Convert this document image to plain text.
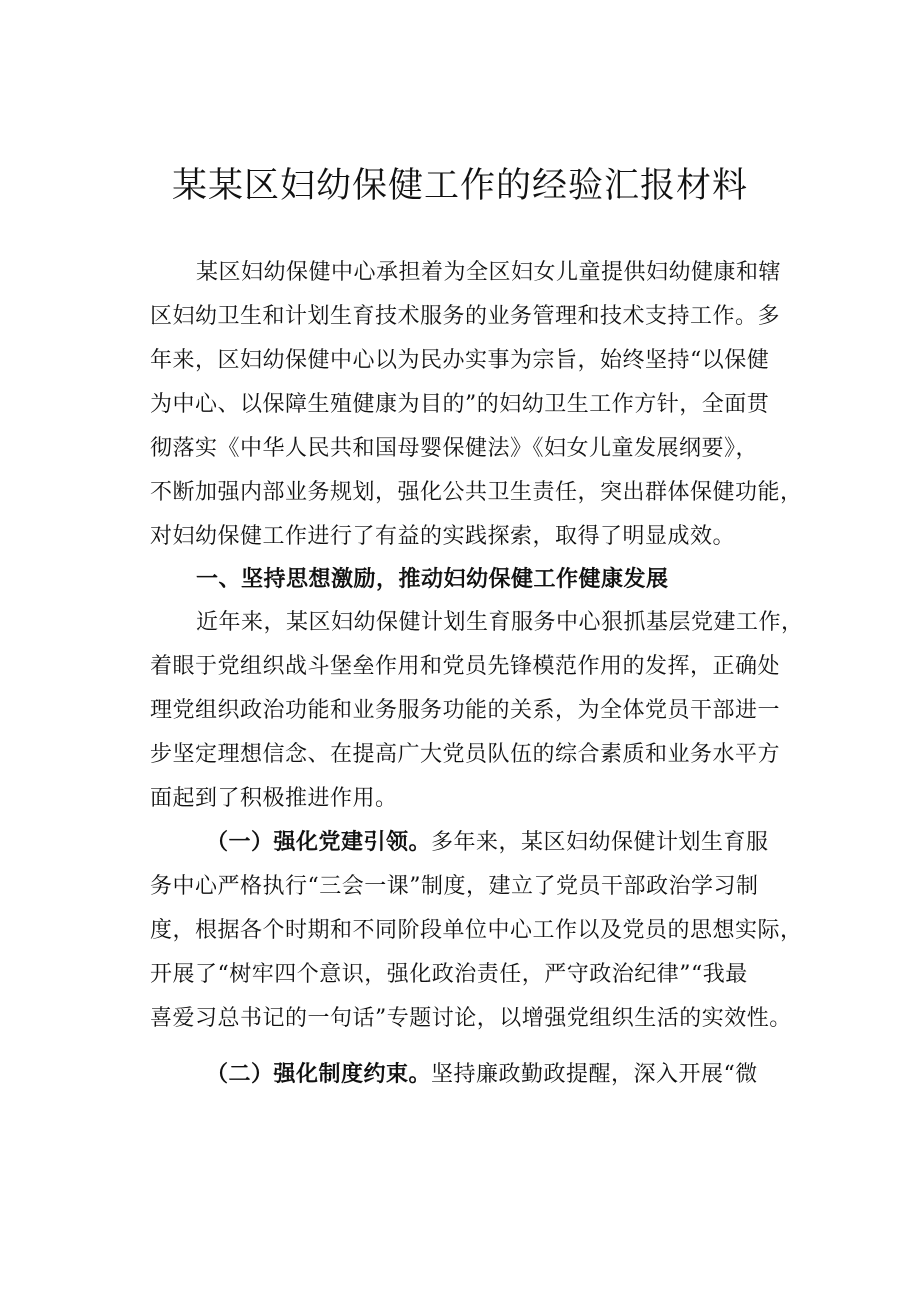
某某区妇幼保健工作的经验汇报材料
某区妇幼保健中心承担着为全区妇女儿童提供妇幼健康和辖
区妇幼卫生和计划生育技术服务的业务管理和技术支持工作。多
年来，区妇幼保健中心以为民办实事为宗旨，始终坚持“以保健
为中心、以保障生殖健康为目的”的妇幼卫生工作方针，全面贯
彻落实《中华人民共和国母婴保健法》《妇女儿童发展纲要》，
不断加强内部业务规划，强化公共卫生责任，突出群体保健功能，
对妇幼保健工作进行了有益的实践探索，取得了明显成效。
一、坚持思想激励，推动妇幼保健工作健康发展
近年来，某区妇幼保健计划生育服务中心狠抓基层党建工作，
着眼于党组织战斗堡垒作用和党员先锋模范作用的发挥，正确处
理党组织政治功能和业务服务功能的关系，为全体党员干部进一
步坚定理想信念、在提高广大党员队伍的综合素质和业务水平方
面起到了积极推进作用。
（一）强化党建引领。多年来，某区妇幼保健计划生育服
务中心严格执行“三会一课”制度，建立了党员干部政治学习制
度，根据各个时期和不同阶段单位中心工作以及党员的思想实际，
开展了“树牢四个意识，强化政治责任，严守政治纪律”“我最
喜爱习总书记的一句话”专题讨论，以增强党组织生活的实效性。
（二）强化制度约束。坚持廉政勤政提醒，深入开展“微
